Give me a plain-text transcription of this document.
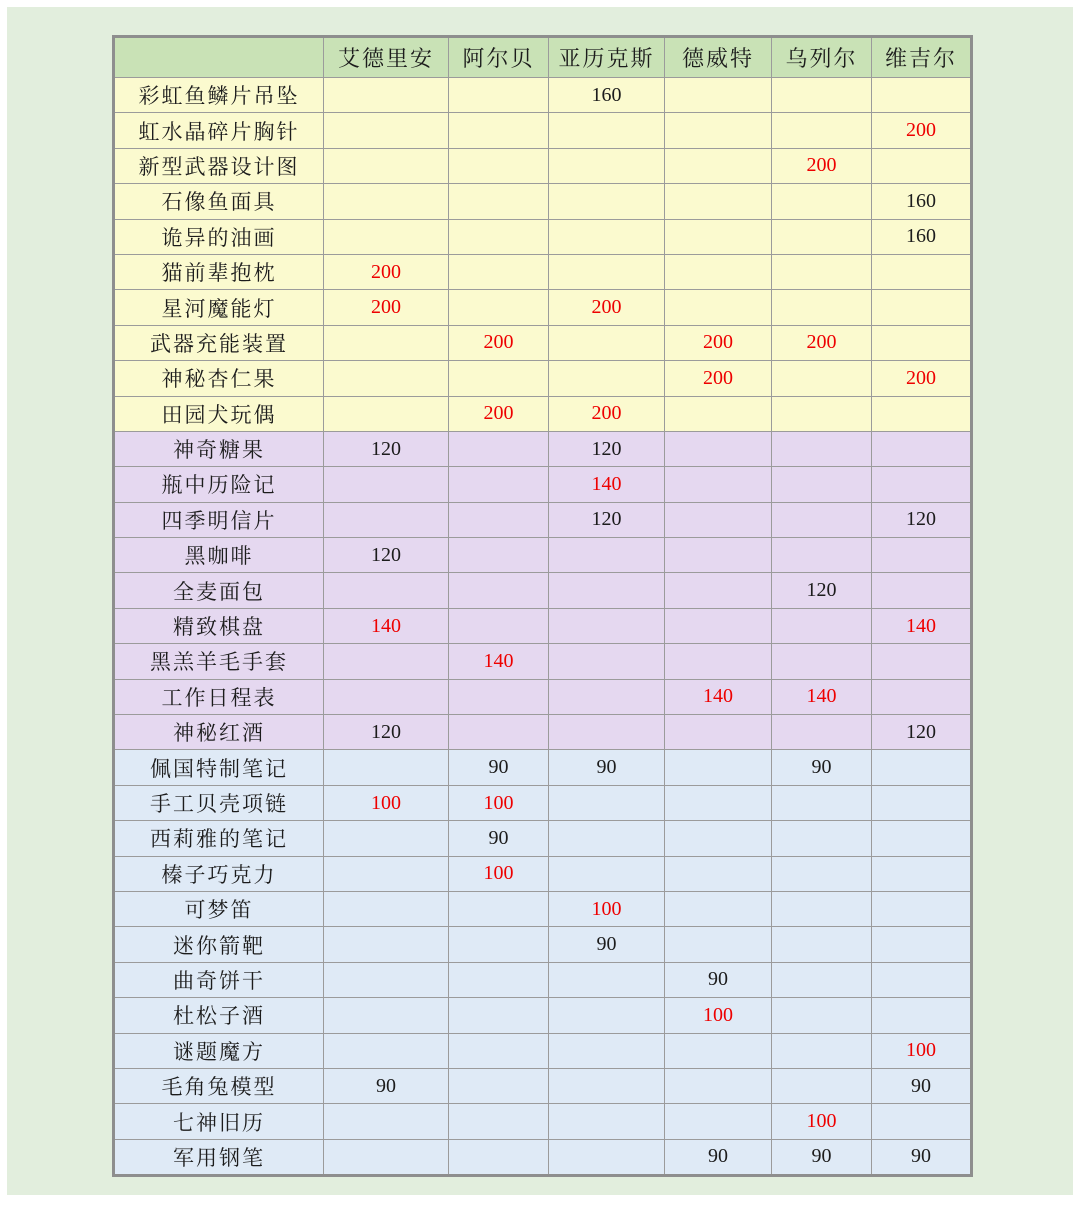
	艾德里安	阿尔贝	亚历克斯	德威特	乌列尔	维吉尔
彩虹鱼鳞片吊坠			160			
虹水晶碎片胸针						200
新型武器设计图					200	
石像鱼面具						160
诡异的油画						160
猫前辈抱枕	200					
星河魔能灯	200		200			
武器充能装置		200		200	200	
神秘杏仁果				200		200
田园犬玩偶		200	200			
神奇糖果	120		120			
瓶中历险记			140			
四季明信片			120			120
黑咖啡	120					
全麦面包					120	
精致棋盘	140					140
黑羔羊毛手套		140				
工作日程表				140	140	
神秘红酒	120					120
佩国特制笔记		90	90		90	
手工贝壳项链	100	100				
西莉雅的笔记		90				
榛子巧克力		100				
可梦笛			100			
迷你箭靶			90			
曲奇饼干				90		
杜松子酒				100		
谜题魔方						100
毛角兔模型	90					90
七神旧历					100	
军用钢笔				90	90	90
